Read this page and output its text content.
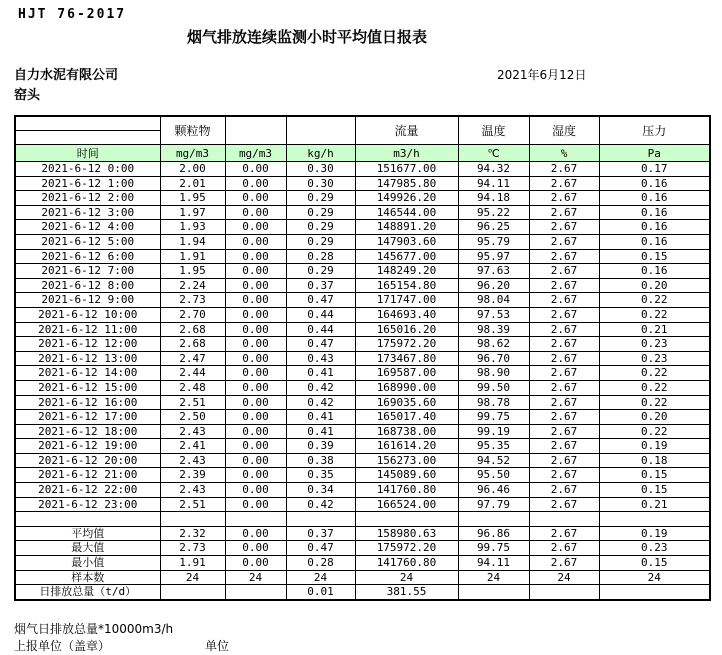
HJT 76-2017
烟气排放连续监测小时平均值日报表
自力水泥有限公司	2021年6月12日
窑头
	颗粒物			流量	温度	湿度	压力

时间	mg/m3	mg/m3	kg/h	m3/h	℃	%	Pa
2021-6-12 0:00	2.00	0.00	0.30	151677.00	94.32	2.67	0.17
2021-6-12 1:00	2.01	0.00	0.30	147985.80	94.11	2.67	0.16
2021-6-12 2:00	1.95	0.00	0.29	149926.20	94.18	2.67	0.16
2021-6-12 3:00	1.97	0.00	0.29	146544.00	95.22	2.67	0.16
2021-6-12 4:00	1.93	0.00	0.29	148891.20	96.25	2.67	0.16
2021-6-12 5:00	1.94	0.00	0.29	147903.60	95.79	2.67	0.16
2021-6-12 6:00	1.91	0.00	0.28	145677.00	95.97	2.67	0.15
2021-6-12 7:00	1.95	0.00	0.29	148249.20	97.63	2.67	0.16
2021-6-12 8:00	2.24	0.00	0.37	165154.80	96.20	2.67	0.20
2021-6-12 9:00	2.73	0.00	0.47	171747.00	98.04	2.67	0.22
2021-6-12 10:00	2.70	0.00	0.44	164693.40	97.53	2.67	0.22
2021-6-12 11:00	2.68	0.00	0.44	165016.20	98.39	2.67	0.21
2021-6-12 12:00	2.68	0.00	0.47	175972.20	98.62	2.67	0.23
2021-6-12 13:00	2.47	0.00	0.43	173467.80	96.70	2.67	0.23
2021-6-12 14:00	2.44	0.00	0.41	169587.00	98.90	2.67	0.22
2021-6-12 15:00	2.48	0.00	0.42	168990.00	99.50	2.67	0.22
2021-6-12 16:00	2.51	0.00	0.42	169035.60	98.78	2.67	0.22
2021-6-12 17:00	2.50	0.00	0.41	165017.40	99.75	2.67	0.20
2021-6-12 18:00	2.43	0.00	0.41	168738.00	99.19	2.67	0.22
2021-6-12 19:00	2.41	0.00	0.39	161614.20	95.35	2.67	0.19
2021-6-12 20:00	2.43	0.00	0.38	156273.00	94.52	2.67	0.18
2021-6-12 21:00	2.39	0.00	0.35	145089.60	95.50	2.67	0.15
2021-6-12 22:00	2.43	0.00	0.34	141760.80	96.46	2.67	0.15
2021-6-12 23:00	2.51	0.00	0.42	166524.00	97.79	2.67	0.21

平均值	2.32	0.00	0.37	158980.63	96.86	2.67	0.19
最大值	2.73	0.00	0.47	175972.20	99.75	2.67	0.23
最小值	1.91	0.00	0.28	141760.80	94.11	2.67	0.15
样本数	24	24	24	24	24	24	24
日排放总量（t/d）			0.01	381.55			
烟气日排放总量*10000m3/h
上报单位（盖章）	单位
